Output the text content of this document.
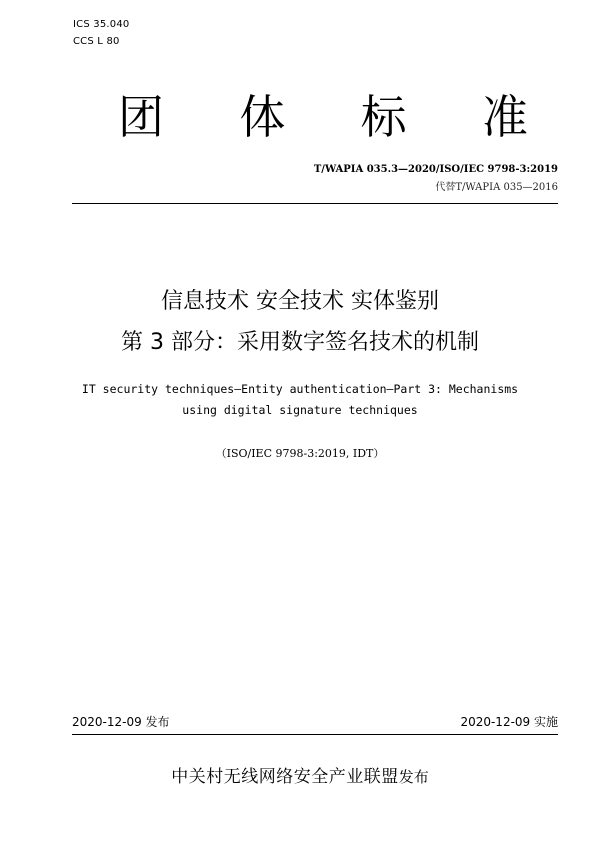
ICS 35.040
CCS L 80
团 体 标 准
T/WAPIA 035.3—2020/ISO/IEC 9798-3:2019
代替T/WAPIA 035—2016
信息技术 安全技术 实体鉴别
第 3 部分：采用数字签名技术的机制
IT security techniques—Entity authentication—Part 3: Mechanisms
using digital signature techniques
（ISO/IEC 9798-3:2019, IDT）
2020-12-09 发布	2020-12-09 实施
中关村无线网络安全产业联盟发布
